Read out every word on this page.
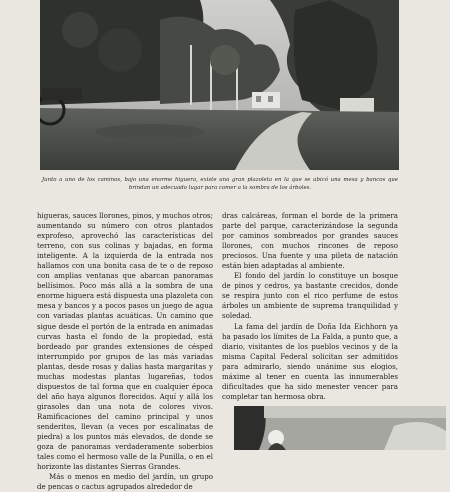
Junto a uno de los caminos, bajo una enorme higuera, existe una gran plazoleta en la que se ubicó una mesa y bancos que brindan un adecuado lugar para comer a la sombra de los árboles.

higueras, sauces llorones, pinos, y muchos otros; aumentando su número con otros plantados exprofeso, aprovechó las características del terreno, con sus colinas y bajadas, en forma inteligente. A la izquierda de la entrada nos hallamos con una bonita casa de te o de reposo con amplias ventanas que abarcan panoramas bellísimos. Poco más allá a la sombra de una enorme higuera está dispuesta una plazoleta con mesa y bancos y a pocos pasos un juego de agua con variadas plantas acuáticas. Un camino que sigue desde el portón de la entrada en animadas curvas hasta el fondo de la propiedad, está bordeado por grandes extensiones de césped interrumpido por grupos de las más variadas plantas, desde rosas y dalias hasta margaritas y muchas modestas plantas lugareñas, todos dispuestos de tal forma que en cualquier época del año haya algunos florecidos. Aquí y allá los girasoles dan una nota de colores vivos. Ramificaciones del camino principal y unos senderitos, llevan (a veces por escalinatas de piedra) a los puntos más elevados, de donde se goza de panoramas verdaderamente soberbios tales como el hermoso valle de la Punilla, o en el horizonte las distantes Sierras Grandes.

Más o menos en medio del jardín, un grupo de pencas o cactus agrupados alrededor de

dras calcáreas, forman el borde de la primera parte del parque, caracterizándose la segunda por caminos sombreados por grandes sauces llorones, con muchos rincones de reposo preciosos. Una fuente y una pileta de natación están bien adaptadas al ambiente.

El fondo del jardín lo constituye un bosque de pinos y cedros, ya bastante crecidos, donde se respira junto con el rico perfume de estos árboles un ambiente de suprema tranquilidad y soledad.

La fama del jardín de Doña Ida Eichhorn ya ha pasado los límites de La Falda, a punto que, a diario, visitantes de los pueblos vecinos y de la misma Capital Federal solicitan ser admitidos para admirarlo, siendo unánime sus elogios, máxime al tener en cuenta las innumerables dificultades que ha sido menester vencer para completar tan hermosa obra.
